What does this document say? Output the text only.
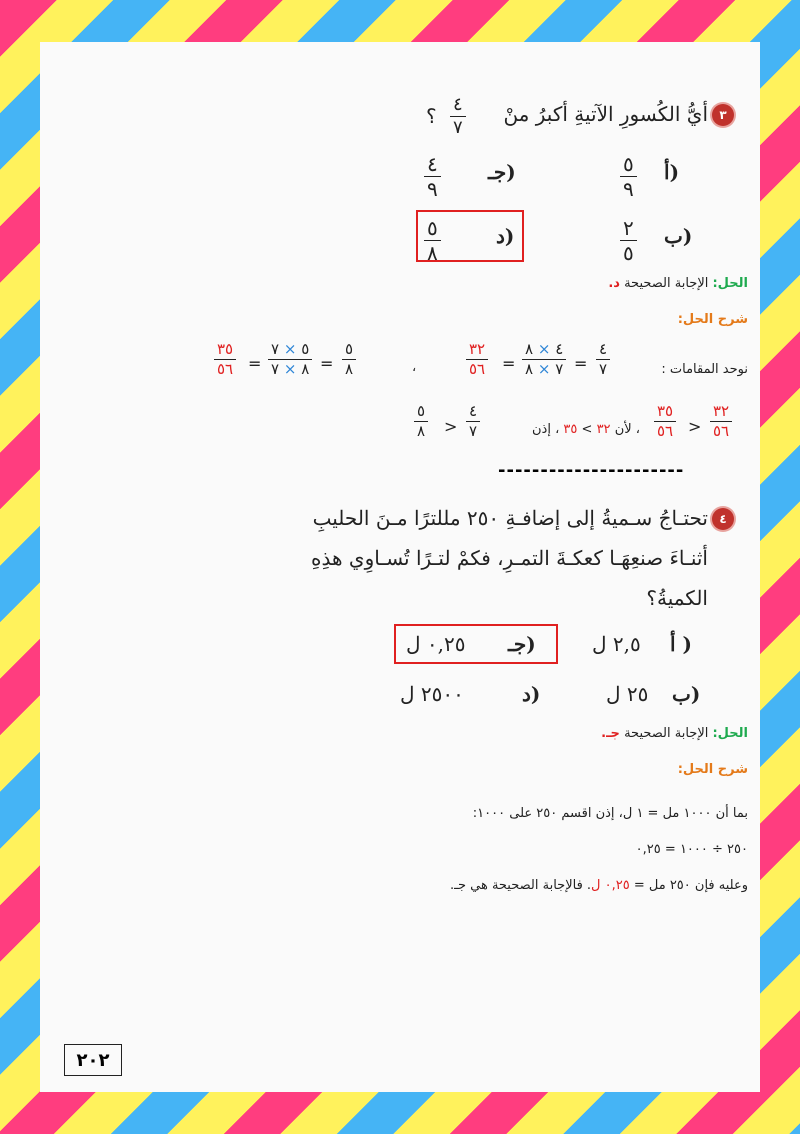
٣
أيُّ الكُسورِ الآتيةِ أكبرُ منْ
٤
٧
؟
أ)
٥
٩
جـ)
٤
٩
ب)
٢
٥
د)
٥
٨
الحل: الإجابة الصحيحة د.
شرح الحل:
نوحد المقامات :
٤
٧
=
٤ × ٨
٧ × ٨
=
٣٢
٥٦
،
٥
٨
=
٥ × ٧
٨ × ٧
=
٣٥
٥٦
٣٢
٥٦
>
٣٥
٥٦
، لأن ٣٢ > ٣٥ ، إذن
٤
٧
>
٥
٨
----------------------
٤
تحتـاجُ سـميةُ إلى إضافـةِ ٢٥٠ مللترًا مـنَ الحليبِ
أثنـاءَ صنعِهَـا كعكـةَ التمـرِ، فكمْ لتـرًا تُسـاوِي هذِهِ
الكميةُ؟
أ )
٢,٥ ل
جـ)
٠,٢٥ ل
ب)
٢٥ ل
د)
٢٥٠٠ ل
الحل: الإجابة الصحيحة جـ.
شرح الحل:
بما أن ١٠٠٠ مل = ١ ل، إذن اقسم ٢٥٠ على ١٠٠٠:
٢٥٠ ÷ ١٠٠٠ = ٠,٢٥
وعليه فإن ٢٥٠ مل = ٠,٢٥ ل. فالإجابة الصحيحة هي جـ.
٢٠٢
